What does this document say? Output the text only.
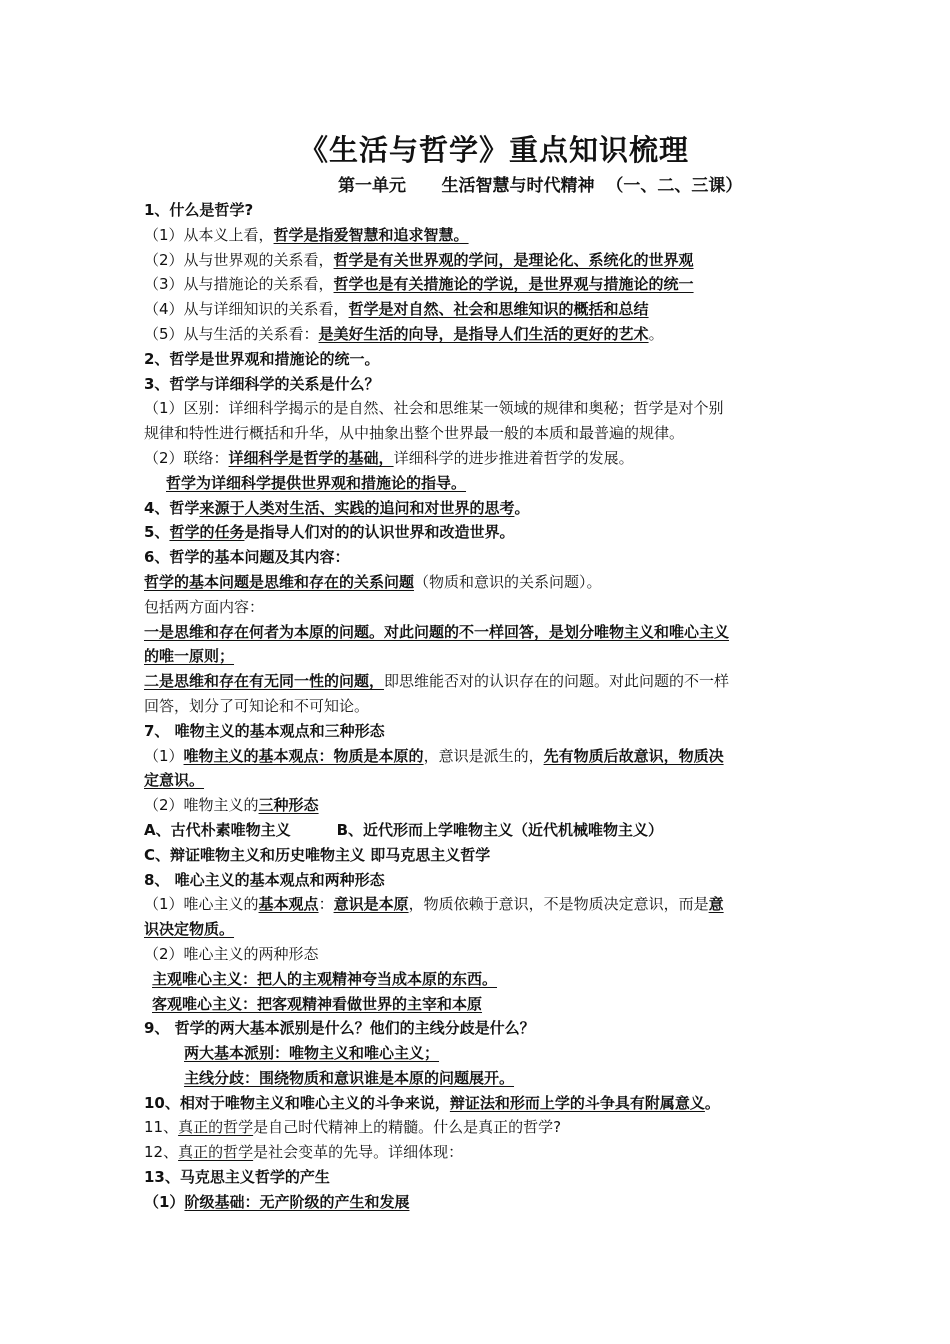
《生活与哲学》重点知识梳理
第一单元      生活智慧与时代精神  （一、二、三课）
1、什么是哲学?
（1）从本义上看，哲学是指爱智慧和追求智慧。
（2）从与世界观的关系看，哲学是有关世界观的学问，是理论化、系统化的世界观
（3）从与措施论的关系看，哲学也是有关措施论的学说，是世界观与措施论的统一
（4）从与详细知识的关系看，哲学是对自然、社会和思维知识的概括和总结
（5）从与生活的关系看：是美好生活的向导，是指导人们生活的更好的艺术。
2、哲学是世界观和措施论的统一。
3、哲学与详细科学的关系是什么？
（1）区别：详细科学揭示的是自然、社会和思维某一领域的规律和奥秘；哲学是对个别
规律和特性进行概括和升华，从中抽象出整个世界最一般的本质和最普遍的规律。
（2）联络：详细科学是哲学的基础，详细科学的进步推进着哲学的发展。
哲学为详细科学提供世界观和措施论的指导。
4、哲学来源于人类对生活、实践的追问和对世界的思考。
5、哲学的任务是指导人们对的的认识世界和改造世界。
6、哲学的基本问题及其内容：
哲学的基本问题是思维和存在的关系问题（物质和意识的关系问题）。
包括两方面内容：
一是思维和存在何者为本原的问题。对此问题的不一样回答，是划分唯物主义和唯心主义
的唯一原则；
二是思维和存在有无同一性的问题，即思维能否对的认识存在的问题。对此问题的不一样
回答，划分了可知论和不可知论。
7、 唯物主义的基本观点和三种形态
（1）唯物主义的基本观点：物质是本原的，意识是派生的，先有物质后故意识，物质决
定意识。
（2）唯物主义的三种形态
A、古代朴素唯物主义	B、近代形而上学唯物主义（近代机械唯物主义）
C、辩证唯物主义和历史唯物主义 即马克思主义哲学
8、 唯心主义的基本观点和两种形态
（1）唯心主义的基本观点：意识是本原，物质依赖于意识，不是物质决定意识，而是意
识决定物质。
（2）唯心主义的两种形态
主观唯心主义：把人的主观精神夸当成本原的东西。
客观唯心主义：把客观精神看做世界的主宰和本原
9、 哲学的两大基本派别是什么？他们的主线分歧是什么？
两大基本派别：唯物主义和唯心主义；
主线分歧：围绕物质和意识谁是本原的问题展开。
10、相对于唯物主义和唯心主义的斗争来说，辩证法和形而上学的斗争具有附属意义。
11、真正的哲学是自己时代精神上的精髓。什么是真正的哲学?
12、真正的哲学是社会变革的先导。详细体现：
13、马克思主义哲学的产生
（1）阶级基础：无产阶级的产生和发展
